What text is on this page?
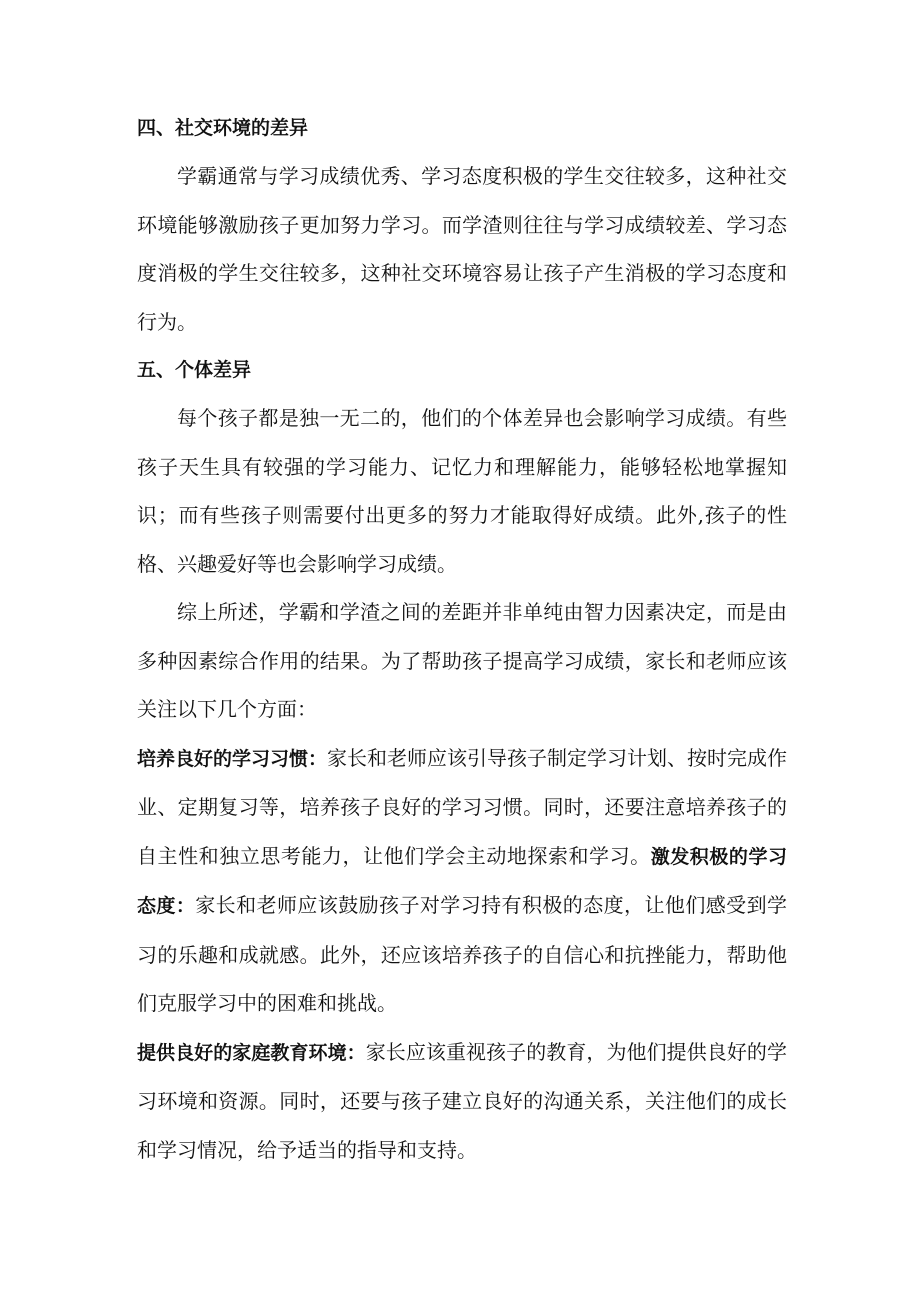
四、社交环境的差异

学霸通常与学习成绩优秀、学习态度积极的学生交往较多，这种社交环境能够激励孩子更加努力学习。而学渣则往往与学习成绩较差、学习态度消极的学生交往较多，这种社交环境容易让孩子产生消极的学习态度和行为。

五、个体差异

每个孩子都是独一无二的，他们的个体差异也会影响学习成绩。有些孩子天生具有较强的学习能力、记忆力和理解能力，能够轻松地掌握知识；而有些孩子则需要付出更多的努力才能取得好成绩。此外,孩子的性格、兴趣爱好等也会影响学习成绩。

综上所述，学霸和学渣之间的差距并非单纯由智力因素决定，而是由多种因素综合作用的结果。为了帮助孩子提高学习成绩，家长和老师应该关注以下几个方面：

培养良好的学习习惯：家长和老师应该引导孩子制定学习计划、按时完成作业、定期复习等，培养孩子良好的学习习惯。同时，还要注意培养孩子的自主性和独立思考能力，让他们学会主动地探索和学习。激发积极的学习态度：家长和老师应该鼓励孩子对学习持有积极的态度，让他们感受到学习的乐趣和成就感。此外，还应该培养孩子的自信心和抗挫能力，帮助他们克服学习中的困难和挑战。

提供良好的家庭教育环境：家长应该重视孩子的教育，为他们提供良好的学习环境和资源。同时，还要与孩子建立良好的沟通关系，关注他们的成长和学习情况，给予适当的指导和支持。
